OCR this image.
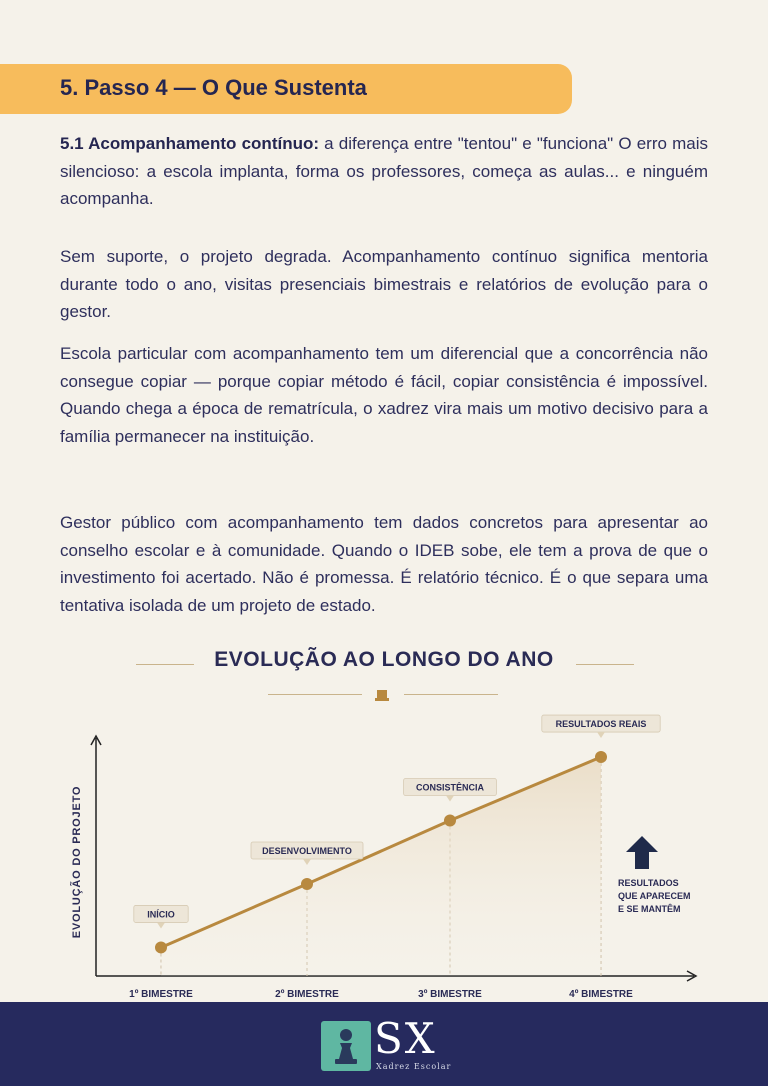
5. Passo 4 — O Que Sustenta

5.1 Acompanhamento contínuo: a diferença entre "tentou" e "funciona" O erro mais silencioso: a escola implanta, forma os professores, começa as aulas... e ninguém acompanha.

Sem suporte, o projeto degrada. Acompanhamento contínuo significa mentoria durante todo o ano, visitas presenciais bimestrais e relatórios de evolução para o gestor.

Escola particular com acompanhamento tem um diferencial que a concorrência não consegue copiar — porque copiar método é fácil, copiar consistência é impossível. Quando chega a época de rematrícula, o xadrez vira mais um motivo decisivo para a família permanecer na instituição.

Gestor público com acompanhamento tem dados concretos para apresentar ao conselho escolar e à comunidade. Quando o IDEB sobe, ele tem a prova de que o investimento foi acertado. Não é promessa. É relatório técnico. É o que separa uma tentativa isolada de um projeto de estado.

EVOLUÇÃO AO LONGO DO ANO
EVOLUÇÃO DO PROJETO	INÍCIO
DESENVOLVIMENTO
CONSISTÊNCIA
RESULTADOS REAIS
1º BIMESTRE	2º BIMESTRE	3º BIMESTRE	4º BIMESTRE
RESULTADOS QUE APARECEM E SE MANTÊM
SX
Xadrez Escolar
